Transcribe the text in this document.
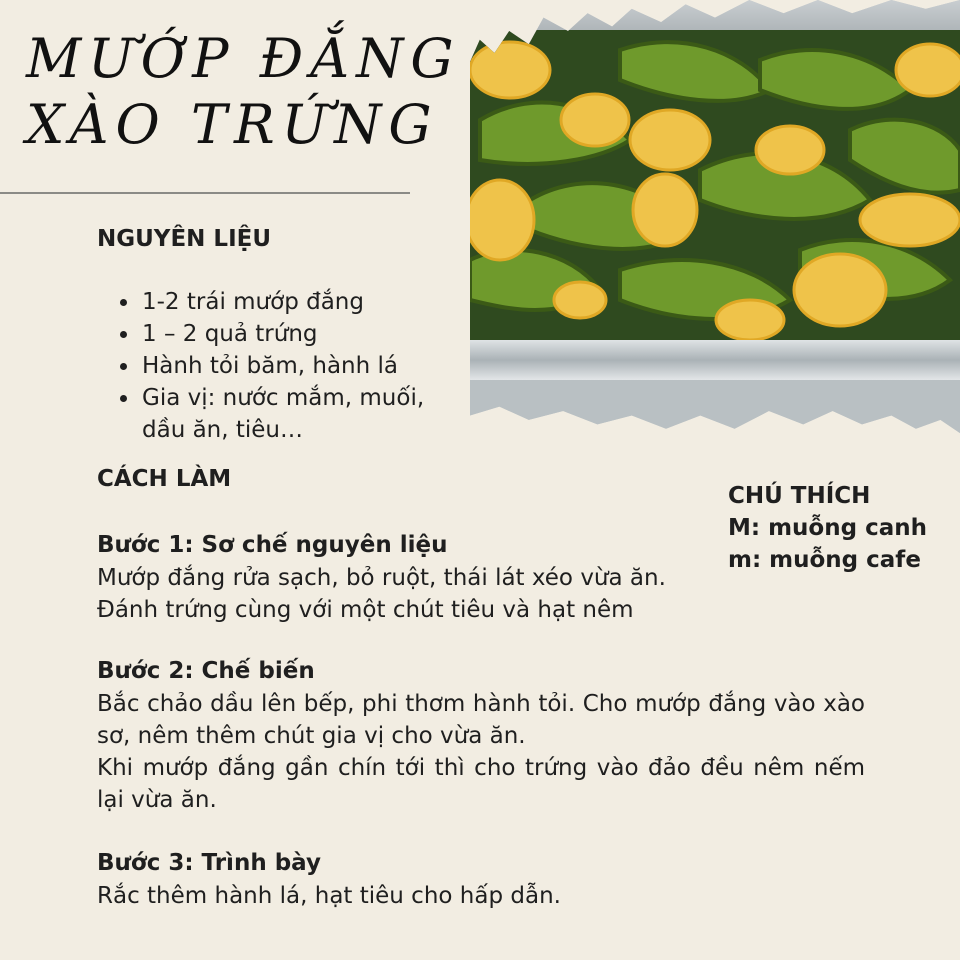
MƯỚP ĐẮNG
XÀO TRỨNG
NGUYÊN LIỆU
• 1-2 trái mướp đắng
• 1 – 2 quả trứng
• Hành tỏi băm, hành lá
• Gia vị: nước mắm, muối, dầu ăn, tiêu…
CÁCH LÀM
Bước 1: Sơ chế nguyên liệu
Mướp đắng rửa sạch, bỏ ruột, thái lát xéo vừa ăn.
Đánh trứng cùng với một chút tiêu và hạt nêm
Bước 2: Chế biến
Bắc chảo dầu lên bếp, phi thơm hành tỏi. Cho mướp đắng vào xào sơ, nêm thêm chút gia vị cho vừa ăn.
Khi mướp đắng gần chín tới thì cho trứng vào đảo đều nêm nếm lại vừa ăn.
Bước 3: Trình bày
Rắc thêm hành lá, hạt tiêu cho hấp dẫn.
CHÚ THÍCH
M: muỗng canh
m: muỗng cafe
